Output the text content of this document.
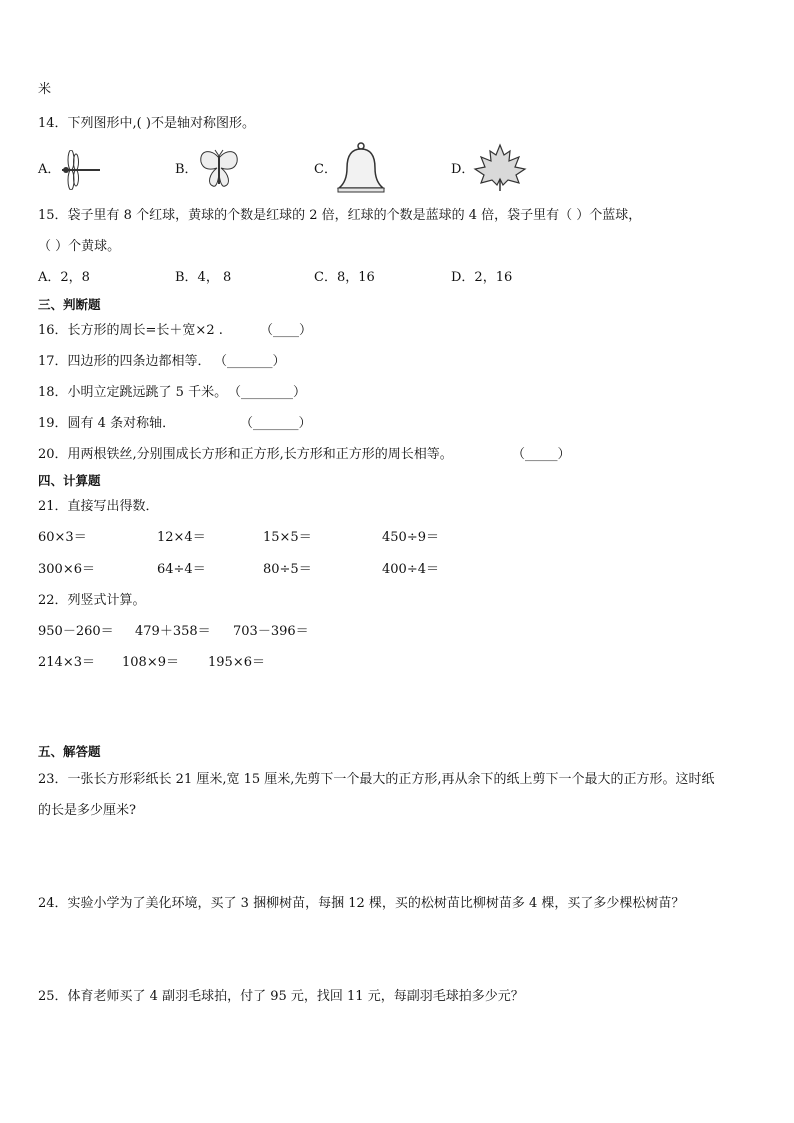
米
14．下列图形中,( )不是轴对称图形。
A．	B．	C．	D．
15．袋子里有 8 个红球，黄球的个数是红球的 2 倍，红球的个数是蓝球的 4 倍，袋子里有（ ）个蓝球，
（ ）个黄球。
A．2，8	B．4， 8	C．8，16	D．2，16
三、判断题
16．长方形的周长=长＋宽×2 .	（____）
17．四边形的四条边都相等． （_______）
18．小明立定跳远跳了 5 千米。 （________）
19．圆有 4 条对称轴．	（_______）
20．用两根铁丝,分别围成长方形和正方形,长方形和正方形的周长相等。	（_____）
四、计算题
21．直接写出得数．
60×3＝	12×4＝	15×5＝	450÷9＝
300×6＝	64÷4＝	80÷5＝	400÷4＝
22．列竖式计算。
950－260＝ 479＋358＝ 703－396＝
214×3＝ 108×9＝ 195×6＝
五、解答题
23．一张长方形彩纸长 21 厘米,宽 15 厘米,先剪下一个最大的正方形,再从余下的纸上剪下一个最大的正方形。这时纸
的长是多少厘米?
24．实验小学为了美化环境，买了 3 捆柳树苗，每捆 12 棵，买的松树苗比柳树苗多 4 棵，买了多少棵松树苗？
25．体育老师买了 4 副羽毛球拍，付了 95 元，找回 11 元，每副羽毛球拍多少元？
